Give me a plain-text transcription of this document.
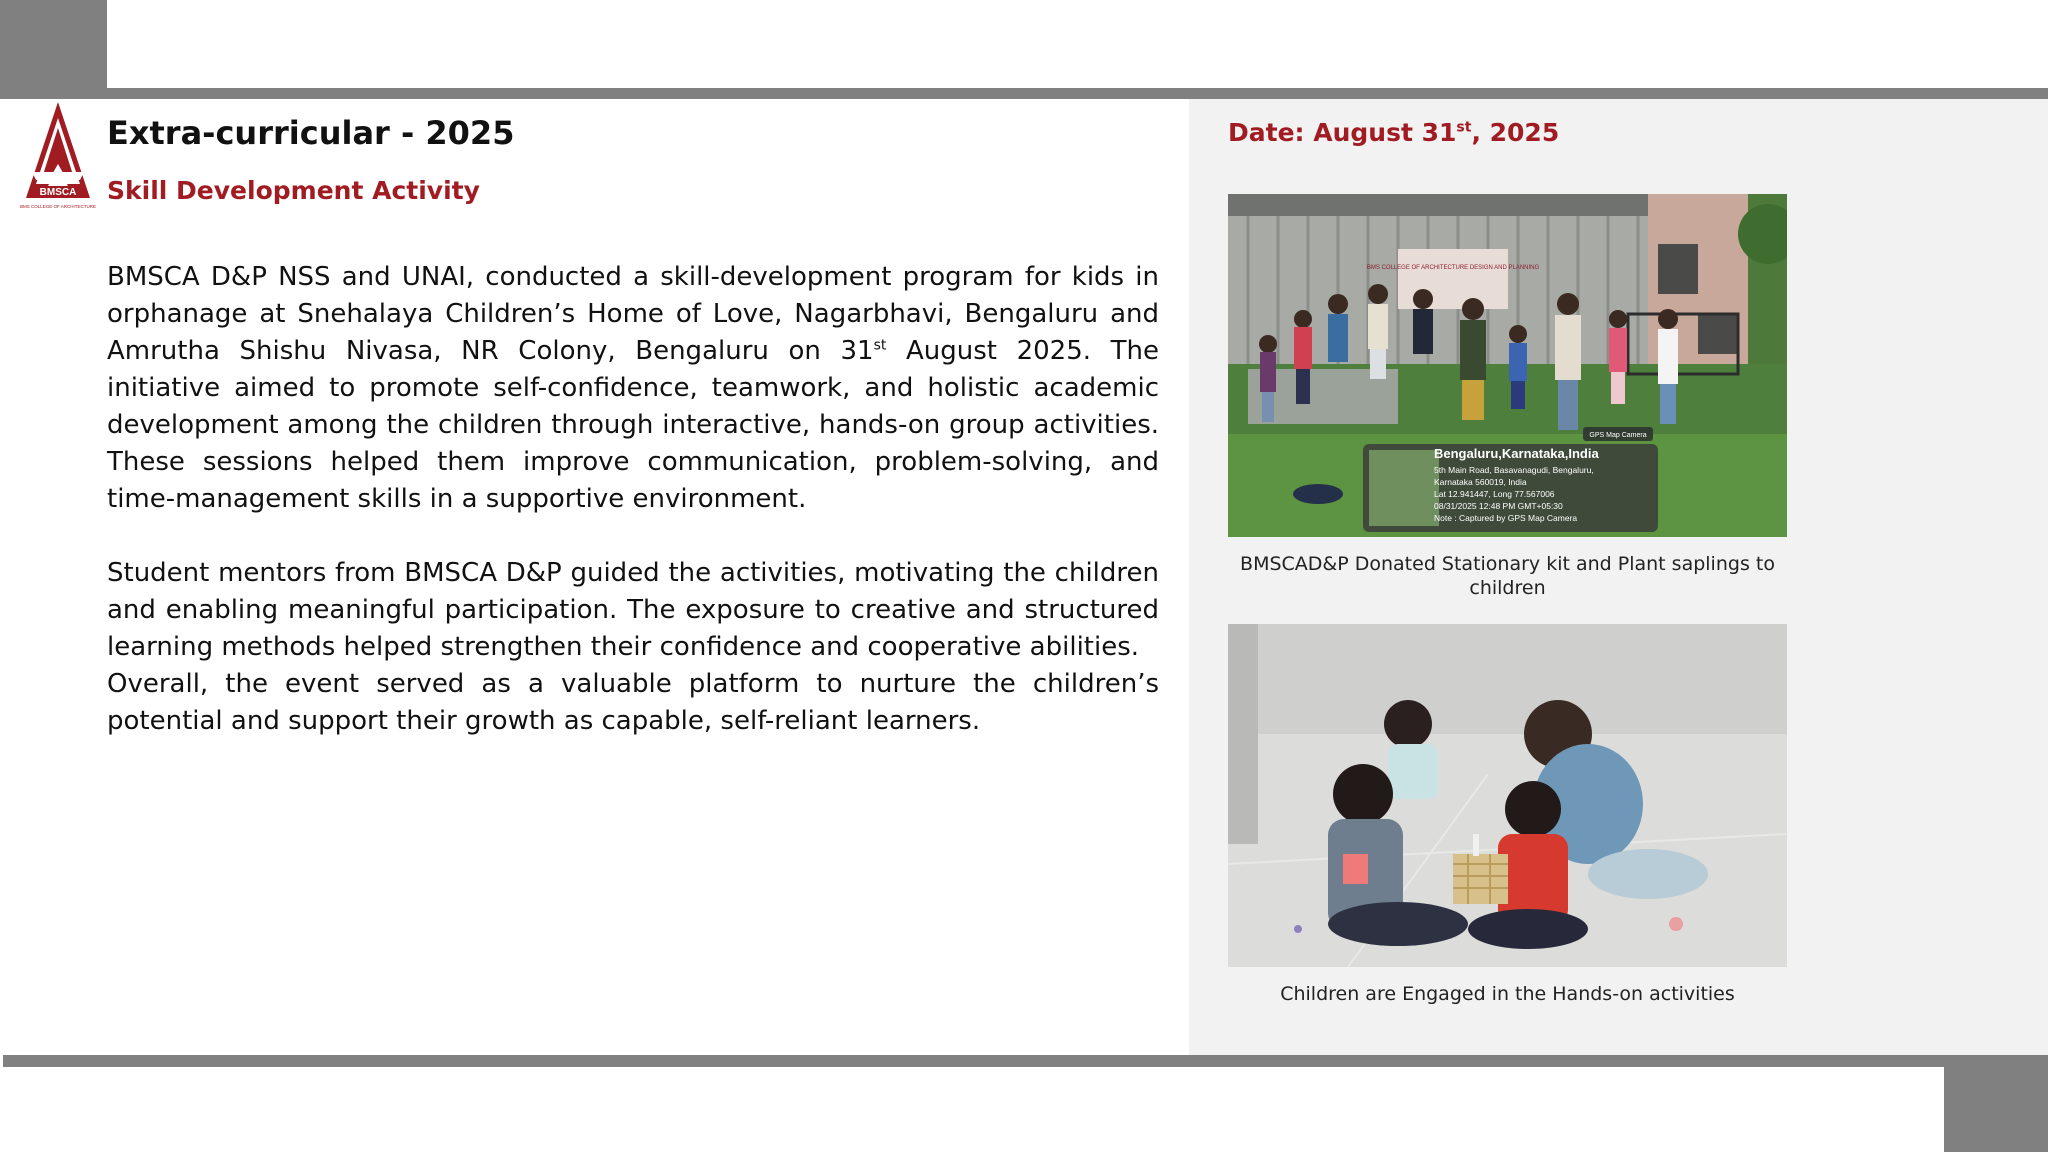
BMSCA
BMS COLLEGE OF ARCHITECTURE
Extra-curricular - 2025
Skill Development Activity
Date: August 31st, 2025

BMSCA D&P NSS and UNAI, conducted a skill-development program for kids in orphanage at Snehalaya Children’s Home of Love, Nagarbhavi, Bengaluru and Amrutha Shishu Nivasa, NR Colony, Bengaluru on 31st August 2025. The initiative aimed to promote self-confidence, teamwork, and holistic academic development among the children through interactive, hands-on group activities. These sessions helped them improve communication, problem-solving, and time-management skills in a supportive environment.

Student mentors from BMSCA D&P guided the activities, motivating the children and enabling meaningful participation. The exposure to creative and structured learning methods helped strengthen their confidence and cooperative abilities.

Overall, the event served as a valuable platform to nurture the children’s potential and support their growth as capable, self-reliant learners.

BMS COLLEGE OF ARCHITECTURE DESIGN AND PLANNING
GPS Map Camera
Bengaluru,Karnataka,India
5th Main Road, Basavanagudi, Bengaluru,
Karnataka 560019, India
Lat 12.941447, Long 77.567006
08/31/2025 12:48 PM GMT+05:30
Note : Captured by GPS Map Camera

BMSCAD&P Donated Stationary kit and Plant saplings to children

Children are Engaged in the Hands-on activities
